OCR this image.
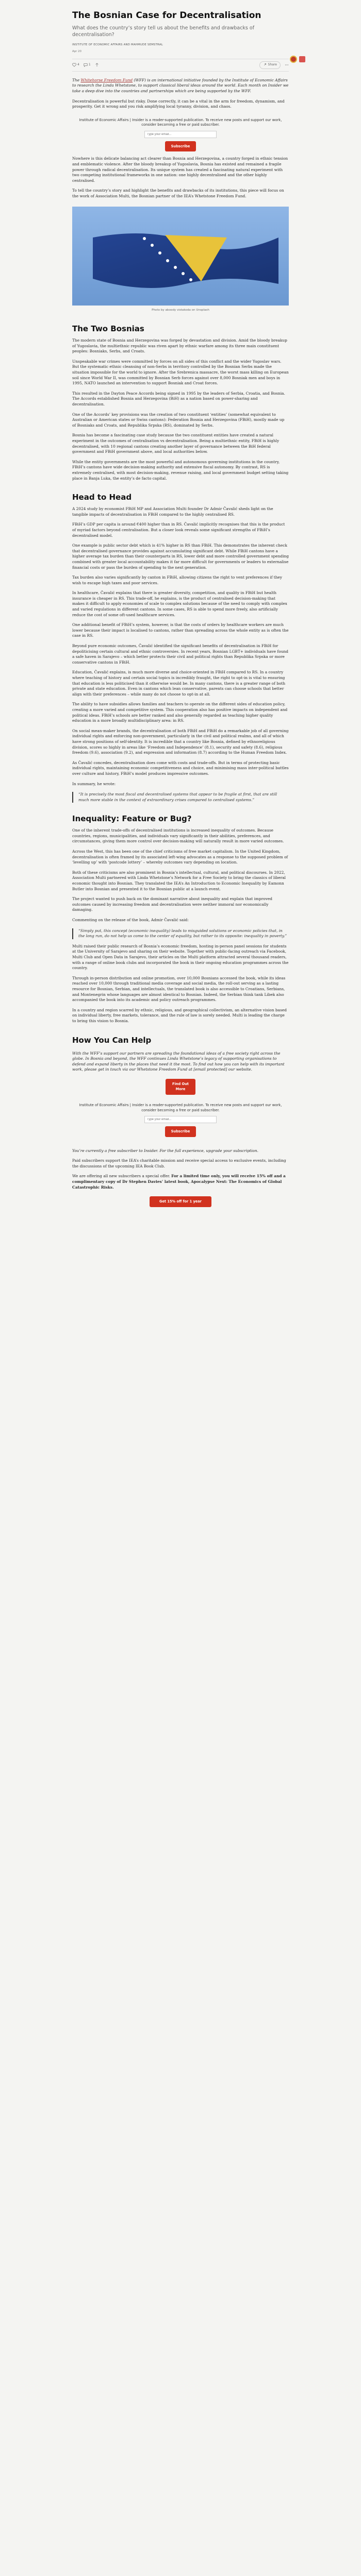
The Bosnian Case for Decentralisation
What does the country’s story tell us about the benefits and drawbacks of decentralisation?
INSTITUTE OF ECONOMIC AFFAIRS AND MAHMUDE SEMSTRAL
Apr 20
4	1	Share

The Whitehorse Freedom Fund (WFF) is an international initiative founded by the Institute of Economic Affairs to research the Linda Whetstone, to support classical liberal ideas around the world. Each month on Insider we take a deep dive into the countries and partnerships which are being supported by the WFF.

Decentralisation is powerful but risky. Done correctly, it can be a vital in the arm for freedom, dynamism, and prosperity. Get it wrong and you risk amplifying local tyranny, division, and chaos.

Institute of Economic Affairs | Insider is a reader-supported publication. To receive new posts and support our work, consider becoming a free or paid subscriber.
Type your email... Subscribe

Nowhere is this delicate balancing act clearer than Bosnia and Herzegovina, a country forged in ethnic tension and emblematic violence. After the bloody breakup of Yugoslavia, Bosnia has existed and remained a fragile power through radical decentralisation. Its unique system has created a fascinating natural experiment with two competing institutional frameworks in one nation: one highly decentralised and the other highly centralised.

To tell the country’s story and highlight the benefits and drawbacks of its institutions, this piece will focus on the work of Association Multi, the Bosnian partner of the IEA’s Whetstone Freedom Fund.

Photo by aboody vistakoda on Unsplash
The Two Bosnias

The modern state of Bosnia and Herzegovina was forged by devastation and division. Amid the bloody breakup of Yugoslavia, the multiethnic republic was riven apart by ethnic warfare among its three main constituent peoples: Bosniaks, Serbs, and Croats.

Unspeakable war crimes were committed by forces on all sides of this conflict and the wider Yugoslav wars. But the systematic ethnic cleansing of non-Serbs in territory controlled by the Bosnian Serbs made the situation impossible for the world to ignore. After the Srebrenica massacre, the worst mass killing on European soil since World War II, was committed by Bosnian Serb forces against over 8,000 Bosniak men and boys in 1995, NATO launched an intervention to support Bosniak and Croat forces.

This resulted in the Dayton Peace Accords being signed in 1995 by the leaders of Serbia, Croatia, and Bosnia. The Accords established Bosnia and Herzegovina (BiH) as a nation based on power-sharing and decentralisation.

One of the Accords’ key provisions was the creation of two constituent ‘entities’ (somewhat equivalent to Australian or American states or Swiss cantons): Federation Bosnia and Herzegovina (FBiH), mostly made up of Bosniaks and Croats, and Republika Srpska (RS), dominated by Serbs.

Bosnia has become a fascinating case study because the two constituent entities have created a natural experiment in the outcomes of centralisation vs decentralisation. Being a multiethnic entity, FBiH is highly decentralised, with 10 regional cantons creating another layer of governance between the BiH federal government and FBiH government above, and local authorities below.

While the entity governments are the most powerful and autonomous governing institutions in the country, FBiH’s cantons have wide decision-making authority and extensive fiscal autonomy. By contrast, RS is extremely centralised, with most decision-making, revenue raising, and local government budget setting taking place in Banja Luka, the entity’s de facto capital.

Head to Head

A 2024 study by economist FBiH MP and Association Multi founder Dr Admir Čavalić sheds light on the tangible impacts of decentralisation in FBiH compared to the highly centralised RS.

FBiH’s GDP per capita is around €400 higher than in RS. Čavalić implicitly recognises that this is the product of myriad factors beyond centralisation. But a closer look reveals some significant strengths of FBiH’s decentralised model.

One example is public sector debt which is 41% higher in RS than FBiH. This demonstrates the inherent check that decentralised governance provides against accumulating significant debt. While FBiH cantons have a higher average tax burden than their counterparts in RS, lower debt and more controlled government spending combined with greater local accountability makes it far more difficult for governments or leaders to externalise financial costs or pass the burden of spending to the next generation.

Tax burden also varies significantly by canton in FBiH, allowing citizens the right to vent preferences if they wish to escape high taxes and poor services.

In healthcare, Čavalić explains that there is greater diversity, competition, and quality in FBiH but health insurance is cheaper in RS. This trade-off, he explains, is the product of centralised decision-making that makes it difficult to apply economies of scale to complex solutions because of the need to comply with complex and varied regulations in different cantons. In some cases, RS is able to spend more freely, also artificially reduce the cost of some oft-used healthcare services.

One additional benefit of FBiH’s system, however, is that the costs of orders by healthcare workers are much lower because their impact is localised to cantons, rather than spreading across the whole entity as is often the case in RS.

Beyond pure economic outcomes, Čavalić identified the significant benefits of decentralisation in FBiH for depoliticising certain cultural and ethnic controversies. In recent years, Bosnian LGBT+ individuals have found a safe haven in Sarajevo – which better protects their civil and political rights than Republika Srpska or more conservative cantons in FBiH.

Education, Čavalić explains, is much more diverse and choice-oriented in FBiH compared to RS. In a country where teaching of history and certain social topics is incredibly fraught, the right to opt-in is vital to ensuring that education is less politicised than it otherwise would be. In many cantons, there is a greater range of both private and state education. Even in cantons which lean conservative, parents can choose schools that better align with their preferences – while many do not choose to opt-in at all.

The ability to have subsidies allows families and teachers to operate on the different sides of education policy, creating a more varied and competitive system. This cooperation also has positive impacts on independent and political ideas. FBiH’s schools are better ranked and also generally regarded as teaching higher quality education in a more broadly multidisciplinary area: in RS.

On social mean-maker brands, the decentralisation of both FBiH and FBiH do a remarkable job of all governing individual rights and enforcing non-government, particularly in the civil and political realms, and all of which have strong positions of self-identity. It is incredible that a country like Bosnia, defined by ethnoreligious division, scores so highly in areas like ‘Freedom and Independence’ (8.1), security and safety (8.6), religious freedom (9.6), association (9.2), and expression and information (8.7) according to the Human Freedom Index.

As Čavalić concedes, decentralisation does come with costs and trade-offs. But in terms of protecting basic individual rights, maintaining economic competitiveness and choice, and minimising mass inter-political battles over culture and history, FBiH’s model produces impressive outcomes.

In summary, he wrote:

“It is precisely the most fiscal and decentralised systems that appear to be fragile at first, that are still much more stable in the context of extraordinary crises compared to centralised systems.”
Inequality: Feature or Bug?

One of the inherent trade-offs of decentralised institutions is increased inequality of outcomes. Because countries, regions, municipalities, and individuals vary significantly in their abilities, preferences, and circumstances, giving them more control over decision-making will naturally result in more varied outcomes.

Across the West, this has been one of the chief criticisms of free market capitalism. In the United Kingdom, decentralisation is often framed by its associated left-wing advocates as a response to the supposed problem of ‘levelling up’ with ‘postcode lottery’ – whereby outcomes vary depending on location.

Both of these criticisms are also prominent in Bosnia’s intellectual, cultural, and political discourses. In 2022, Association Multi partnered with Linda Whetstone’s Network for a Free Society to bring the classics of liberal economic thought into Bosnian. They translated the IEA’s An Introduction to Economic Inequality by Eamonn Butler into Bosnian and presented it to the Bosnian public at a launch event.

The project wanted to push back on the dominant narrative about inequality and explain that improved outcomes caused by increasing freedom and decentralisation were neither immoral nor economically damaging.

Commenting on the release of the book, Admir Čavalić said:

“Simply put, this concept (economic inequality) leads to misguided solutions or economic policies that, in the long run, do not help us come to the center of equality, but rather to its opposite: inequality in poverty.”

Multi raised their public research of Bosnia’s economic freedom, hosting in-person panel sessions for students at the University of Sarajevo and sharing on their website. Together with public-facing outreach via Facebook, Multi Club and Open Data in Sarajevo, their articles on the Multi platform attracted several thousand readers, with a range of online book clubs and incorporated the book in their ongoing education programmes across the country.

Through in-person distribution and online promotion, over 10,000 Bosnians accessed the book, while its ideas reached over 10,000 through traditional media coverage and social media, the roll-out serving as a lasting resource for Bosnian, Serbian, and intellectuals, the translated book is also accessible to Croatians, Serbians, and Montenegrin whose languages are almost identical to Bosnian. Indeed, the Serbian think tank Libek also accompanied the book into its academic and policy outreach programmes.

In a country and region scarred by ethnic, religious, and geographical collectivism, an alternative vision based on individual liberty, free markets, tolerance, and the rule of law is sorely needed. Multi is leading the charge to bring this vision to Bosnia.

How You Can Help

With the WFF’s support our partners are spreading the foundational ideas of a free society right across the globe. In Bosnia and beyond, the WFF continues Linda Whetstone’s legacy of supporting organisations to defend and expand liberty in the places that need it the most. To find out how you can help with its important work, please get in touch via our Whetstone Freedom Fund at [email protected] our website.

Find Out More
Institute of Economic Affairs | Insider is a reader-supported publication. To receive new posts and support our work, consider becoming a free or paid subscriber.
Type your email... Subscribe

You’re currently a free subscriber to Insider. For the full experience, upgrade your subscription.

Paid subscribers support the IEA’s charitable mission and receive special access to exclusive events, including the discussions of the upcoming IEA Book Club.

We are offering all new subscribers a special offer. For a limited time only, you will receive 15% off and a complimentary copy of Dr Stephen Davies’ latest book, Apocalypse Next: The Economics of Global Catastrophic Risks.

Get 15% off for 1 year
